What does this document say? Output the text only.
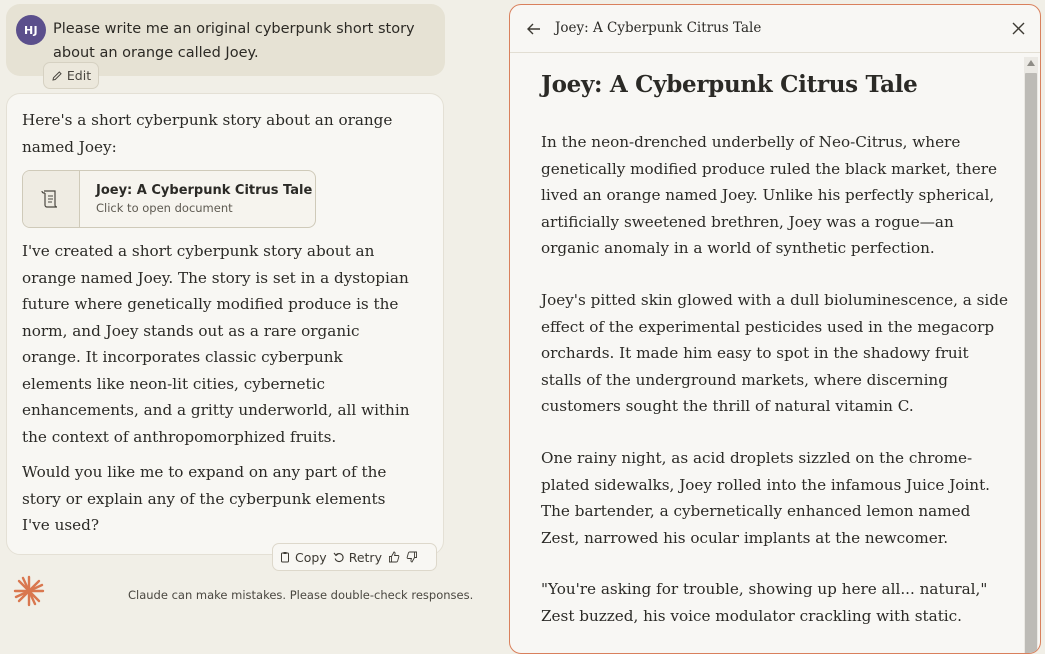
HJ	Please write me an original cyberpunk short story about an orange called Joey.
Edit
Here's a short cyberpunk story about an orange named Joey:
Joey: A Cyberpunk Citrus Tale
Click to open document
I've created a short cyberpunk story about an orange named Joey. The story is set in a dystopian future where genetically modified produce is the norm, and Joey stands out as a rare organic orange. It incorporates classic cyberpunk elements like neon-lit cities, cybernetic enhancements, and a gritty underworld, all within the context of anthropomorphized fruits.
Would you like me to expand on any part of the story or explain any of the cyberpunk elements I've used?
Copy Retry
Claude can make mistakes. Please double-check responses.
Joey: A Cyberpunk Citrus Tale
Joey: A Cyberpunk Citrus Tale
In the neon-drenched underbelly of Neo-Citrus, where genetically modified produce ruled the black market, there lived an orange named Joey. Unlike his perfectly spherical, artificially sweetened brethren, Joey was a rogue—an organic anomaly in a world of synthetic perfection.
Joey's pitted skin glowed with a dull bioluminescence, a side effect of the experimental pesticides used in the megacorp orchards. It made him easy to spot in the shadowy fruit stalls of the underground markets, where discerning customers sought the thrill of natural vitamin C.
One rainy night, as acid droplets sizzled on the chrome-plated sidewalks, Joey rolled into the infamous Juice Joint. The bartender, a cybernetically enhanced lemon named Zest, narrowed his ocular implants at the newcomer.
"You're asking for trouble, showing up here all... natural," Zest buzzed, his voice modulator crackling with static.
